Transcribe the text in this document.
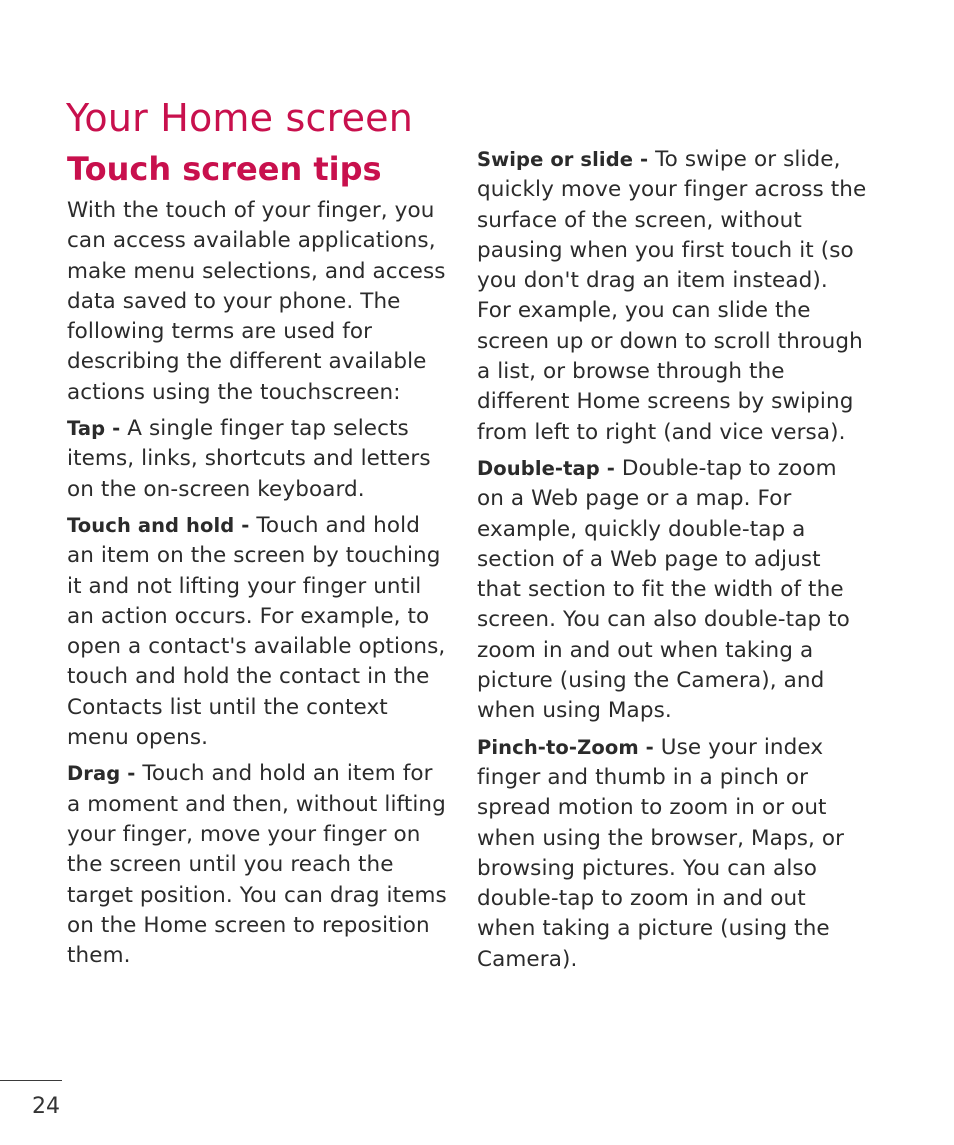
Your Home screen
Touch screen tips

With the touch of your finger, you can access available applications, make menu selections, and access data saved to your phone. The following terms are used for describing the different available actions using the touchscreen:

Tap - A single finger tap selects items, links, shortcuts and letters on the on-screen keyboard.

Touch and hold - Touch and hold an item on the screen by touching it and not lifting your finger until an action occurs. For example, to open a contact's available options, touch and hold the contact in the Contacts list until the context menu opens.

Drag - Touch and hold an item for a moment and then, without lifting your finger, move your finger on the screen until you reach the target position. You can drag items on the Home screen to reposition them.

Swipe or slide - To swipe or slide, quickly move your finger across the surface of the screen, without pausing when you first touch it (so you don't drag an item instead). For example, you can slide the screen up or down to scroll through a list, or browse through the different Home screens by swiping from left to right (and vice versa).

Double-tap - Double-tap to zoom on a Web page or a map. For example, quickly double-tap a section of a Web page to adjust that section to fit the width of the screen. You can also double-tap to zoom in and out when taking a picture (using the Camera), and when using Maps.

Pinch-to-Zoom - Use your index finger and thumb in a pinch or spread motion to zoom in or out when using the browser, Maps, or browsing pictures. You can also double-tap to zoom in and out when taking a picture (using the Camera).

24
